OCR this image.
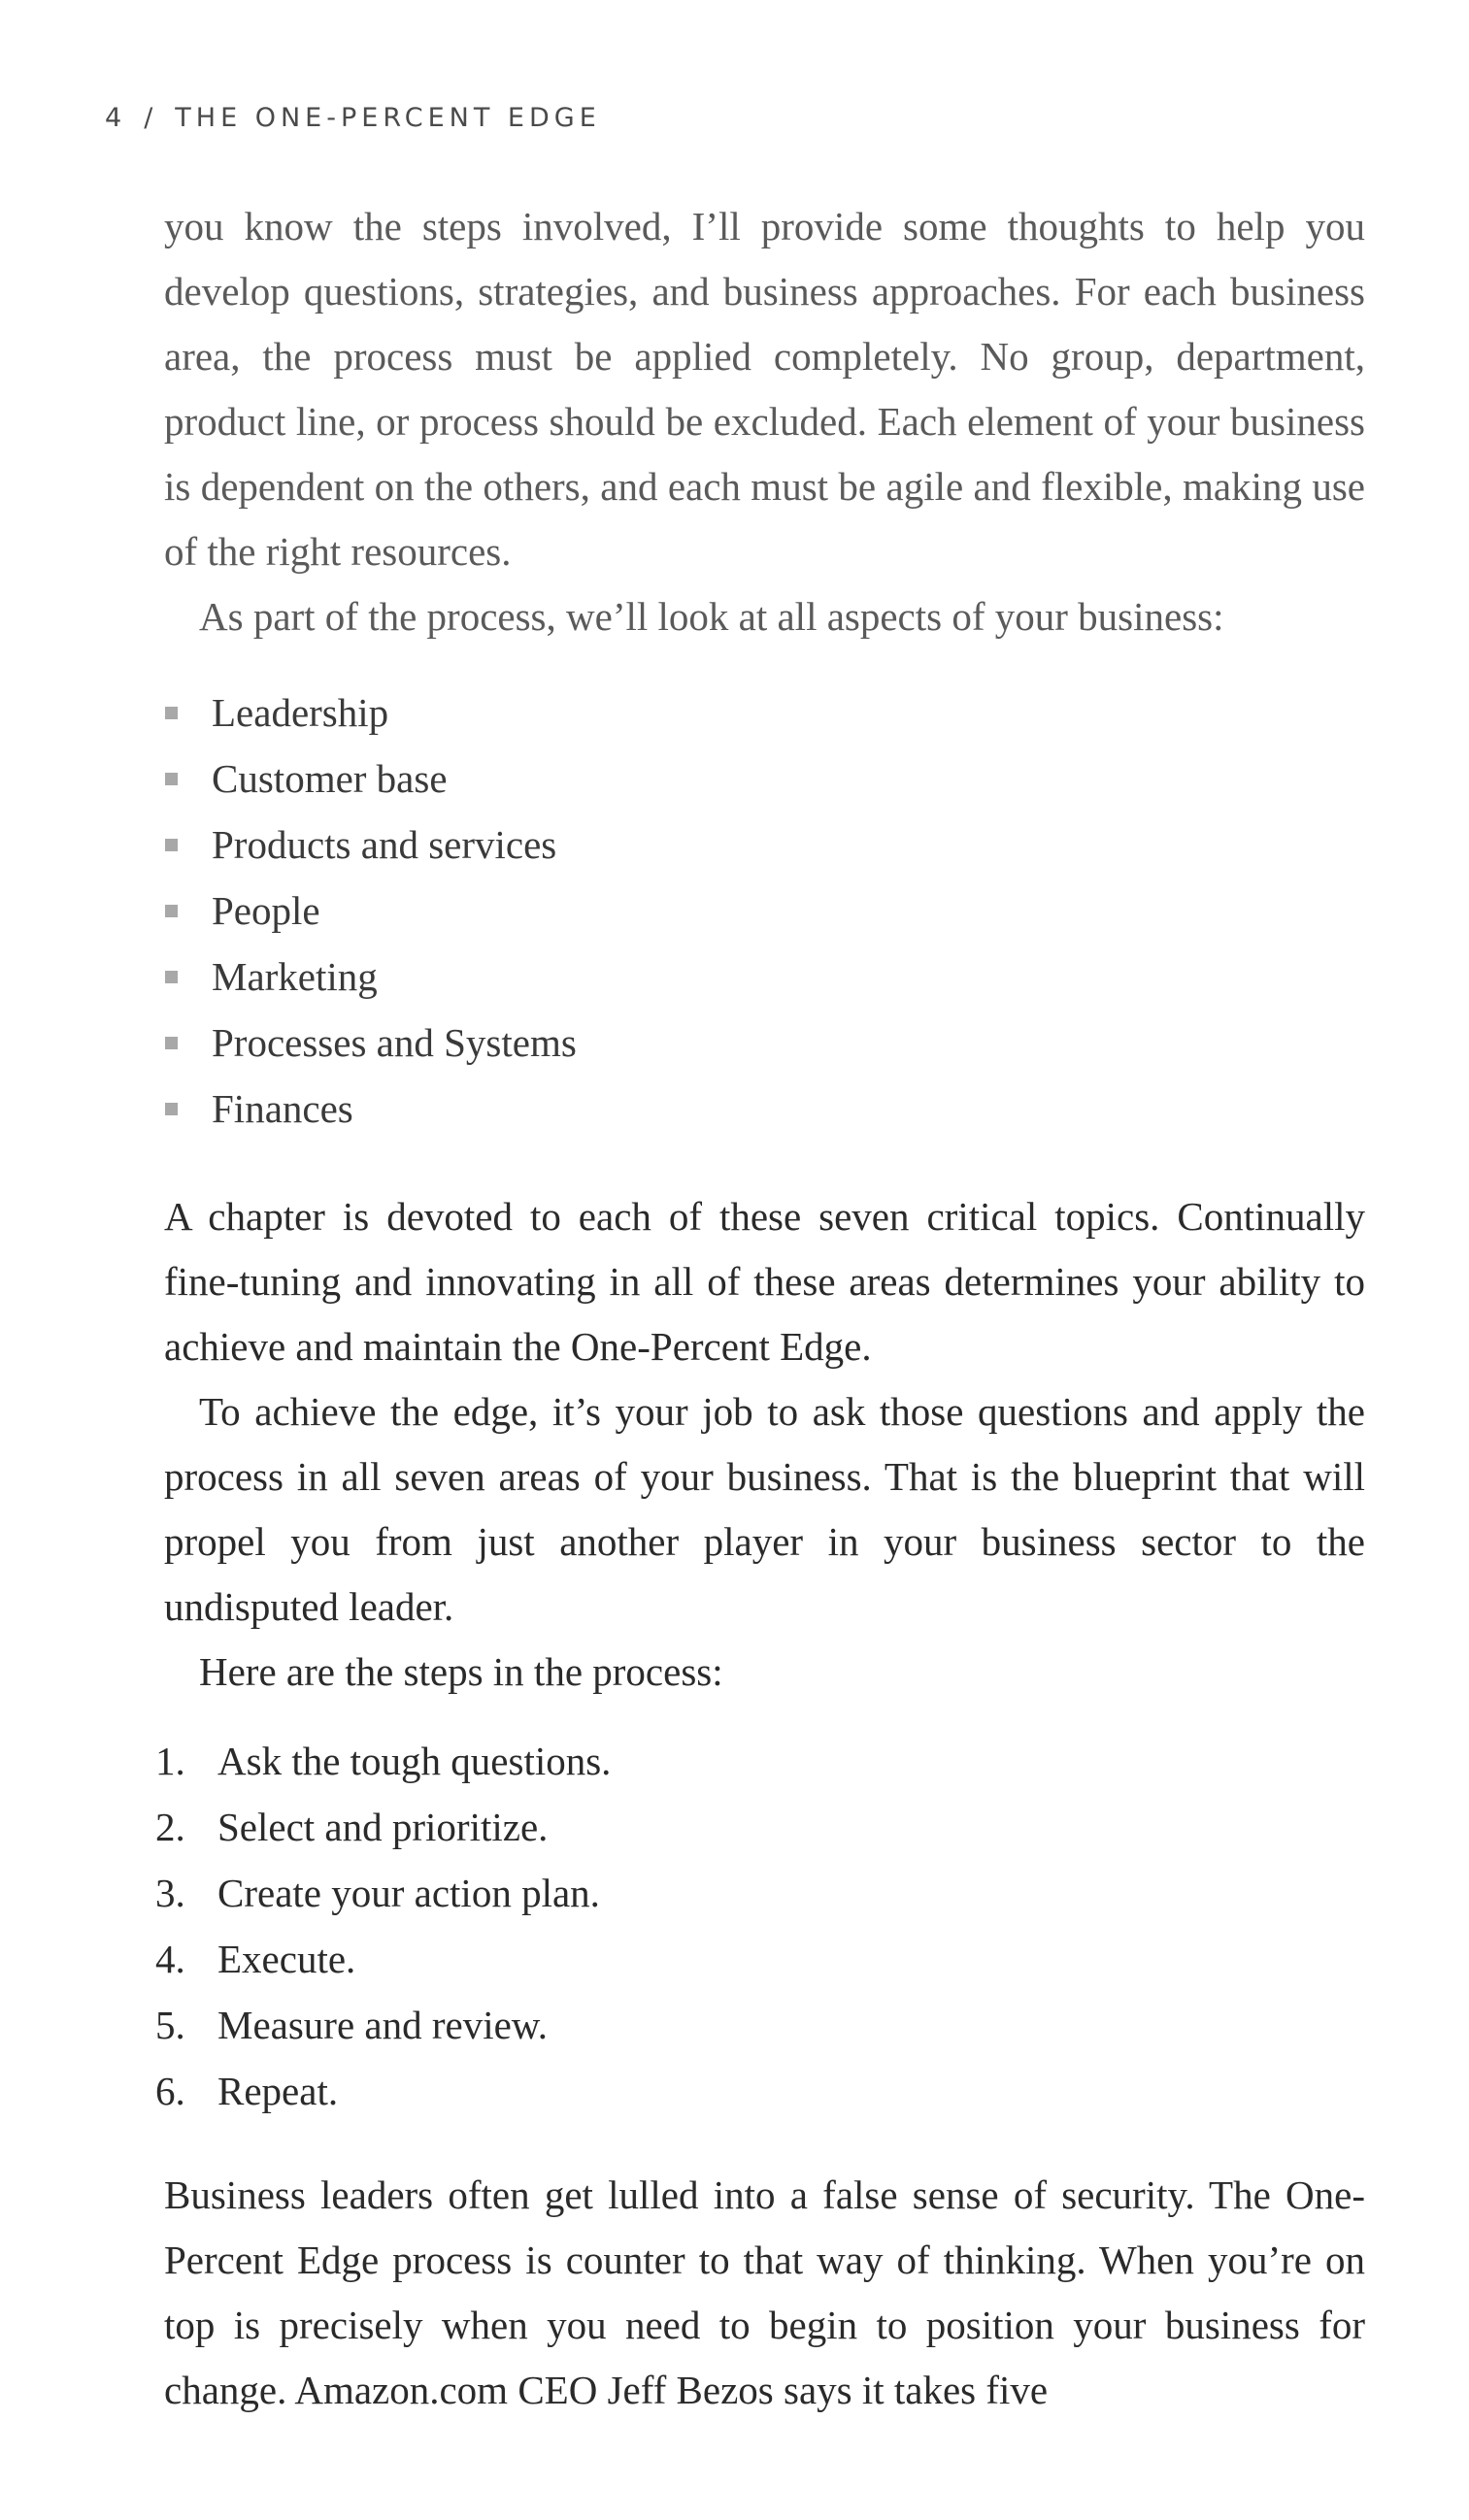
4 / THE ONE-PERCENT EDGE

you know the steps involved, I’ll provide some thoughts to help you develop questions, strategies, and business approaches. For each business area, the process must be applied completely. No group, department, product line, or process should be excluded. Each element of your business is dependent on the others, and each must be agile and flexible, making use of the right resources.

As part of the process, we’ll look at all aspects of your business:

Leadership
Customer base
Products and services
People
Marketing
Processes and Systems
Finances

A chapter is devoted to each of these seven critical topics. Continually fine-tuning and innovating in all of these areas determines your ability to achieve and maintain the One-Percent Edge.

To achieve the edge, it’s your job to ask those questions and apply the process in all seven areas of your business. That is the blueprint that will propel you from just another player in your business sector to the undisputed leader.

Here are the steps in the process:

1. Ask the tough questions.
2. Select and prioritize.
3. Create your action plan.
4. Execute.
5. Measure and review.
6. Repeat.

Business leaders often get lulled into a false sense of security. The One-Percent Edge process is counter to that way of thinking. When you’re on top is precisely when you need to begin to position your business for change. Amazon.com CEO Jeff Bezos says it takes five
